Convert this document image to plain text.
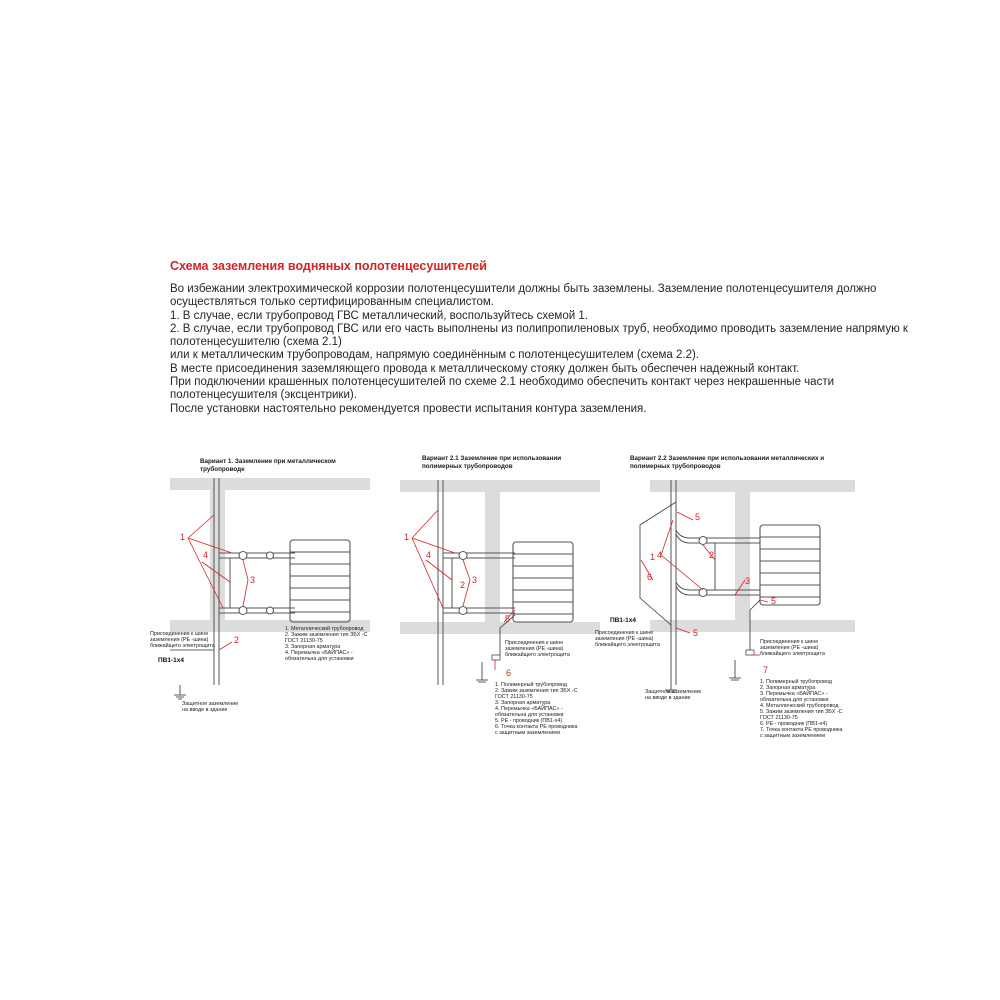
Схема заземления водняных полотенцесушителей
Во избежании электрохимической коррозии полотенцесушители должны быть заземлены. Заземление полотенцесушителя должно
осуществляться только сертифицированным специалистом.
1. В случае, если трубопровод ГВС металлический, воспользуйтесь схемой 1.
2. В случае, если трубопровод ГВС или его часть выполнены из полипропиленовых труб, необходимо проводить заземление напрямую к
полотенцесушителю (схема 2.1)
или к металлическим трубопроводам, напрямую соединённым с полотенцесушителем (схема 2.2).
В месте присоединения заземляющего провода к металлическому стояку должен быть обеспечен надежный контакт.
При подключении крашенных полотенцесушителей по схеме 2.1 необходимо обеспечить контакт через некрашенные части
полотенцесушителя (эксцентрики).
После установки настоятельно рекомендуется провести испытания контура заземления.
Вариант 1. Заземление при металлическом
трубопроводе
1
2
3
4
Присоединения к шине
заземления (PE -шина)
ближайщего электрощита
ПВ1-1х4
Защитное заземление
на вводе в здание
1. Металлический трубопровод
2. Зажим заземления тип ЗБХ -С
ГОСТ 21130-75
3. Запорная арматура
4. Перемычка «БАЙПАС» -
обязательна для установки
Вариант 2.1 Заземление при использовании
полимерных трубопроводов
1
2 3
4
5
6
Присоединения к шине
заземления (PE -шина)
ближайщего электрощита
1. Полимерный трубопровод
2. Зажим заземления тип ЗБХ -С
ГОСТ 21130-75
3. Запорная арматура
4. Перемычка «БАЙПАС» -
обязательна для установки
5. PE - проводник (ПВ1-х4)
6. Точка контакта PE проводника
с защитным заземлением
Вариант 2.2 Заземление при использовании металлических и
полимерных трубопроводов
1	2
3
4
5
5
5
6
7
ПВ1-1х4
Присоединения к шине
заземления (PE -шина)
ближайщего электрощита	Присоединения к шине
заземления (PE -шина)
ближайщего электрощита
Защитное заземление
на вводе в здание
1. Полимерный трубопровод
2. Запорная арматура
3. Перемычка «БАЙПАС» -
обязательна для установки
4. Металлический трубопровод
5. Зажим заземления тип ЗБХ -С
ГОСТ 21130-75
6. PE - проводник (ПВ1-х4)
7. Точка контакта PE проводника
с защитным заземлением
